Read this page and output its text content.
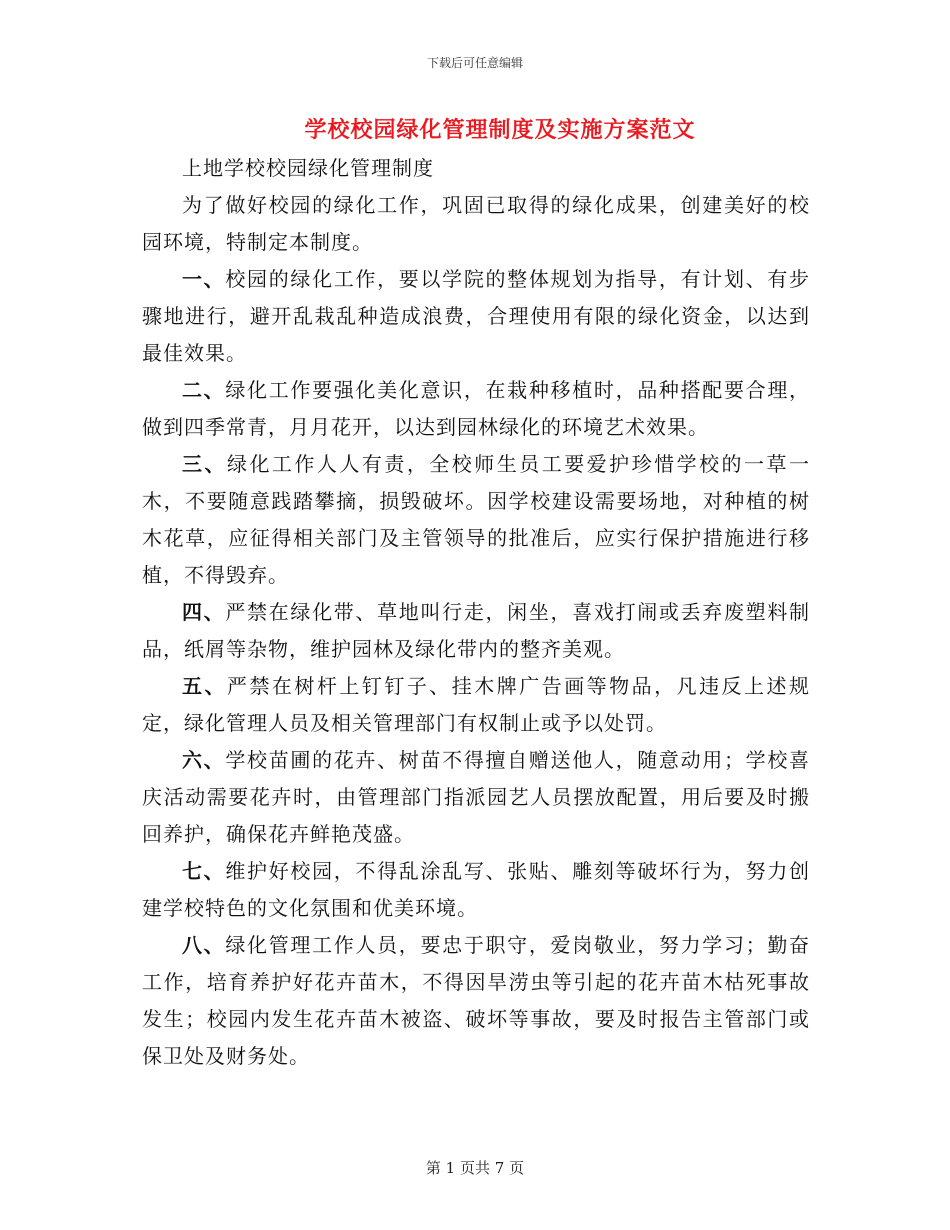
下载后可任意编辑
学校校园绿化管理制度及实施方案范文

上地学校校园绿化管理制度

为了做好校园的绿化工作，巩固已取得的绿化成果，创建美好的校园环境，特制定本制度。

一、校园的绿化工作，要以学院的整体规划为指导，有计划、有步骤地进行，避开乱栽乱种造成浪费，合理使用有限的绿化资金，以达到最佳效果。

二、绿化工作要强化美化意识，在栽种移植时，品种搭配要合理，做到四季常青，月月花开，以达到园林绿化的环境艺术效果。

三、绿化工作人人有责，全校师生员工要爱护珍惜学校的一草一木，不要随意践踏攀摘，损毁破坏。因学校建设需要场地，对种植的树木花草，应征得相关部门及主管领导的批准后，应实行保护措施进行移植，不得毁弃。

四、严禁在绿化带、草地叫行走，闲坐，喜戏打闹或丢弃废塑料制品，纸屑等杂物，维护园林及绿化带内的整齐美观。

五、严禁在树杆上钉钉子、挂木牌广告画等物品，凡违反上述规定，绿化管理人员及相关管理部门有权制止或予以处罚。

六、学校苗圃的花卉、树苗不得擅自赠送他人，随意动用；学校喜庆活动需要花卉时，由管理部门指派园艺人员摆放配置，用后要及时搬回养护，确保花卉鲜艳茂盛。

七、维护好校园，不得乱涂乱写、张贴、雕刻等破坏行为，努力创建学校特色的文化氛围和优美环境。

八、绿化管理工作人员，要忠于职守，爱岗敬业，努力学习；勤奋工作，培育养护好花卉苗木，不得因旱涝虫等引起的花卉苗木枯死事故发生；校园内发生花卉苗木被盗、破坏等事故，要及时报告主管部门或保卫处及财务处。

第 1 页共 7 页
